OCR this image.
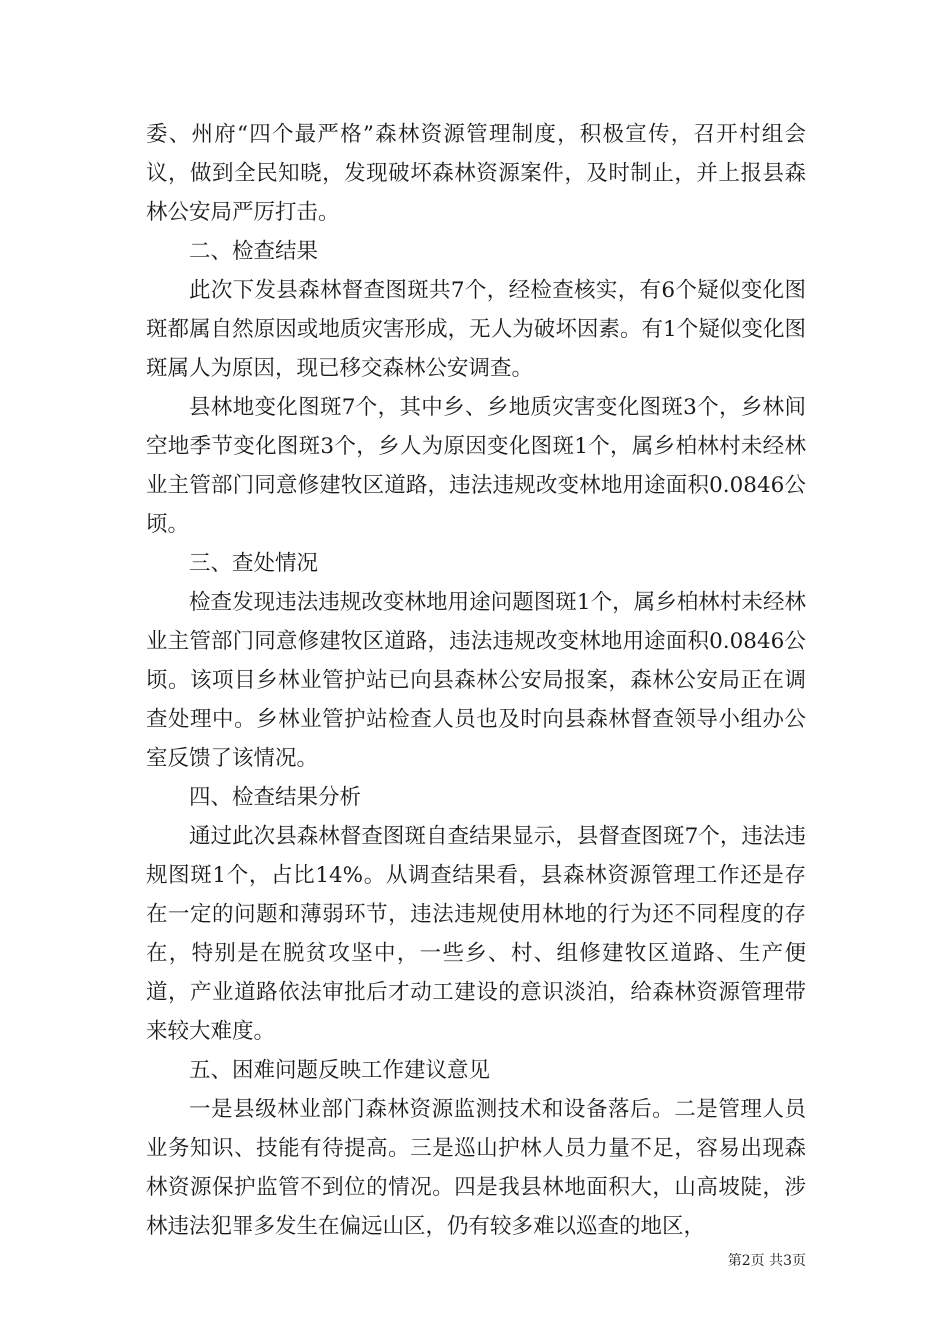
委、州府“四个最严格”森林资源管理制度，积极宣传，召开村组会议，做到全民知晓，发现破坏森林资源案件，及时制止，并上报县森林公安局严厉打击。

二、检查结果

此次下发县森林督查图斑共7个，经检查核实，有6个疑似变化图斑都属自然原因或地质灾害形成，无人为破坏因素。有1个疑似变化图斑属人为原因，现已移交森林公安调查。

县林地变化图斑7个，其中乡、乡地质灾害变化图斑3个，乡林间空地季节变化图斑3个，乡人为原因变化图斑1个，属乡柏林村未经林业主管部门同意修建牧区道路，违法违规改变林地用途面积0.0846公顷。

三、查处情况

检查发现违法违规改变林地用途问题图斑1个，属乡柏林村未经林业主管部门同意修建牧区道路，违法违规改变林地用途面积0.0846公顷。该项目乡林业管护站已向县森林公安局报案，森林公安局正在调查处理中。乡林业管护站检查人员也及时向县森林督查领导小组办公室反馈了该情况。

四、检查结果分析

通过此次县森林督查图斑自查结果显示，县督查图斑7个，违法违规图斑1个，占比14%。从调查结果看，县森林资源管理工作还是存在一定的问题和薄弱环节，违法违规使用林地的行为还不同程度的存在，特别是在脱贫攻坚中，一些乡、村、组修建牧区道路、生产便道，产业道路依法审批后才动工建设的意识淡泊，给森林资源管理带来较大难度。

五、困难问题反映工作建议意见

一是县级林业部门森林资源监测技术和设备落后。二是管理人员业务知识、技能有待提高。三是巡山护林人员力量不足，容易出现森林资源保护监管不到位的情况。四是我县林地面积大，山高坡陡，涉林违法犯罪多发生在偏远山区，仍有较多难以巡查的地区，

第2页 共3页
